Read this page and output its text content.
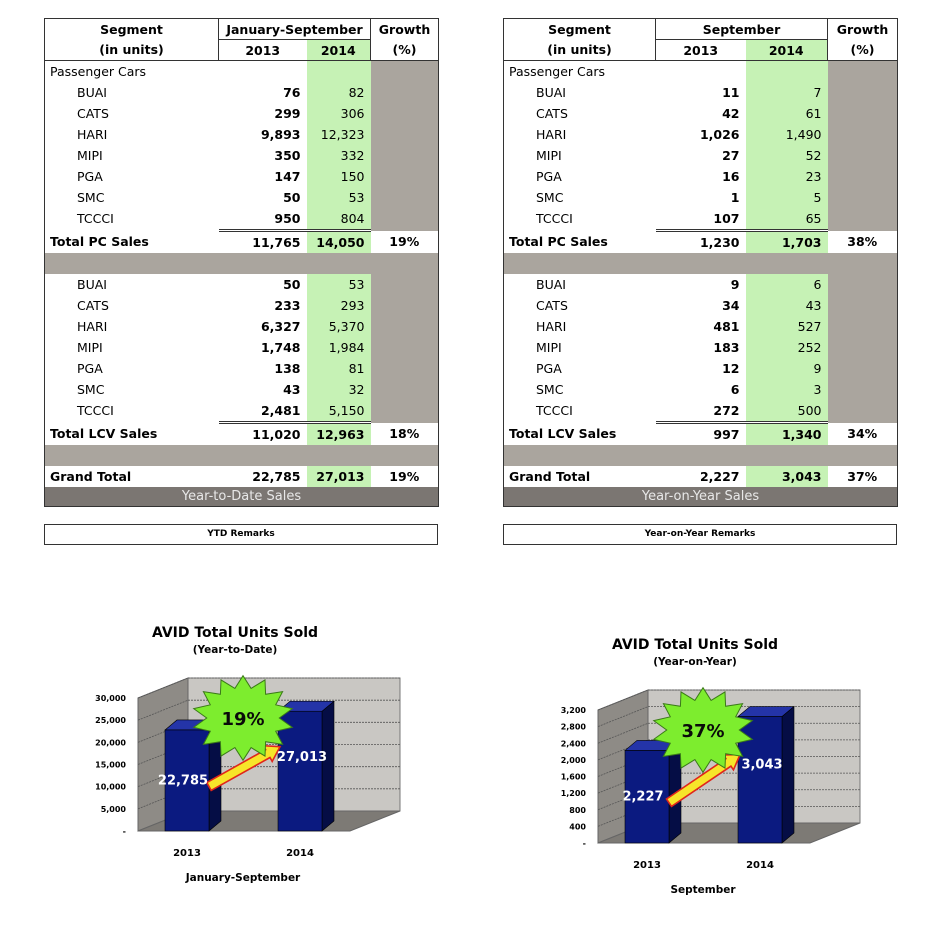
Segment	January-September		Growth
(in units)	2013	2014	(%)
Passenger Cars			
BUAI	76	82	
CATS	299	306	
HARI	9,893	12,323	
MIPI	350	332	
PGA	147	150	
SMC	50	53	
TCCCI	950	804	
Total PC Sales	11,765	14,050	19%

BUAI	50	53	
CATS	233	293	
HARI	6,327	5,370	
MIPI	1,748	1,984	
PGA	138	81	
SMC	43	32	
TCCCI	2,481	5,150	
Total LCV Sales	11,020	12,963	18%

Grand Total	22,785	27,013	19%
Year-to-Date Sales			
Segment	September		Growth
(in units)	2013	2014	(%)
Passenger Cars			
BUAI	11	7	
CATS	42	61	
HARI	1,026	1,490	
MIPI	27	52	
PGA	16	23	
SMC	1	5	
TCCCI	107	65	
Total PC Sales	1,230	1,703	38%

BUAI	9	6	
CATS	34	43	
HARI	481	527	
MIPI	183	252	
PGA	12	9	
SMC	6	3	
TCCCI	272	500	
Total LCV Sales	997	1,340	34%

Grand Total	2,227	3,043	37%
Year-on-Year Sales			
YTD Remarks	Year-on-Year Remarks
AVID Total Units Sold
(Year-to-Date)
-
5,000
10,000
15,000
20,000
25,000
30,000
2013	2014
22,785
27,013
19%
January-September
AVID Total Units Sold
(Year-on-Year)
-
400
800
1,200
1,600
2,000
2,400
2,800
3,200
2013	2014
2,227
3,043
37%
September
